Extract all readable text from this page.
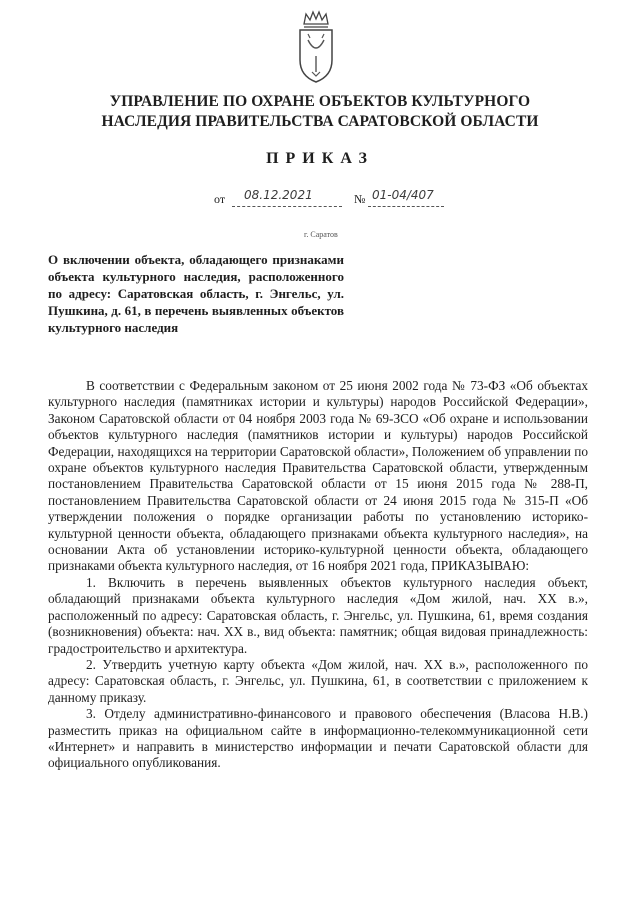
УПРАВЛЕНИЕ ПО ОХРАНЕ ОБЪЕКТОВ КУЛЬТУРНОГО
НАСЛЕДИЯ ПРАВИТЕЛЬСТВА САРАТОВСКОЙ ОБЛАСТИ
ПРИКАЗ
от 08.12.2021	№ 01-04/407
г. Саратов
О включении объекта, обладающего признаками объекта культурного наследия, расположенного по адресу: Саратовская область, г. Энгельс, ул. Пушкина, д. 61, в перечень выявленных объектов культурного наследия

В соответствии с Федеральным законом от 25 июня 2002 года № 73-ФЗ «Об объектах культурного наследия (памятниках истории и культуры) народов Российской Федерации», Законом Саратовской области от 04 ноября 2003 года № 69-ЗСО «Об охране и использовании объектов культурного наследия (памятников истории и культуры) народов Российской Федерации, находящихся на территории Саратовской области», Положением об управлении по охране объектов культурного наследия Правительства Саратовской области, утвержденным постановлением Правительства Саратовской области от 15 июня 2015 года № 288-П, постановлением Правительства Саратовской области от 24 июня 2015 года № 315-П «Об утверждении положения о порядке организации работы по установлению историко-культурной ценности объекта, обладающего признаками объекта культурного наследия», на основании Акта об установлении историко-культурной ценности объекта, обладающего признаками объекта культурного наследия, от 16 ноября 2021 года, ПРИКАЗЫВАЮ:

1. Включить в перечень выявленных объектов культурного наследия объект, обладающий признаками объекта культурного наследия «Дом жилой, нач. XX в.», расположенный по адресу: Саратовская область, г. Энгельс, ул. Пушкина, 61, время создания (возникновения) объекта: нач. XX в., вид объекта: памятник; общая видовая принадлежность: градостроительство и архитектура.

2. Утвердить учетную карту объекта «Дом жилой, нач. XX в.», расположенного по адресу: Саратовская область, г. Энгельс, ул. Пушкина, 61, в соответствии с приложением к данному приказу.

3. Отделу административно-финансового и правового обеспечения (Власова Н.В.) разместить приказ на официальном сайте в информационно-телекоммуникационной сети «Интернет» и направить в министерство информации и печати Саратовской области для официального опубликования.
